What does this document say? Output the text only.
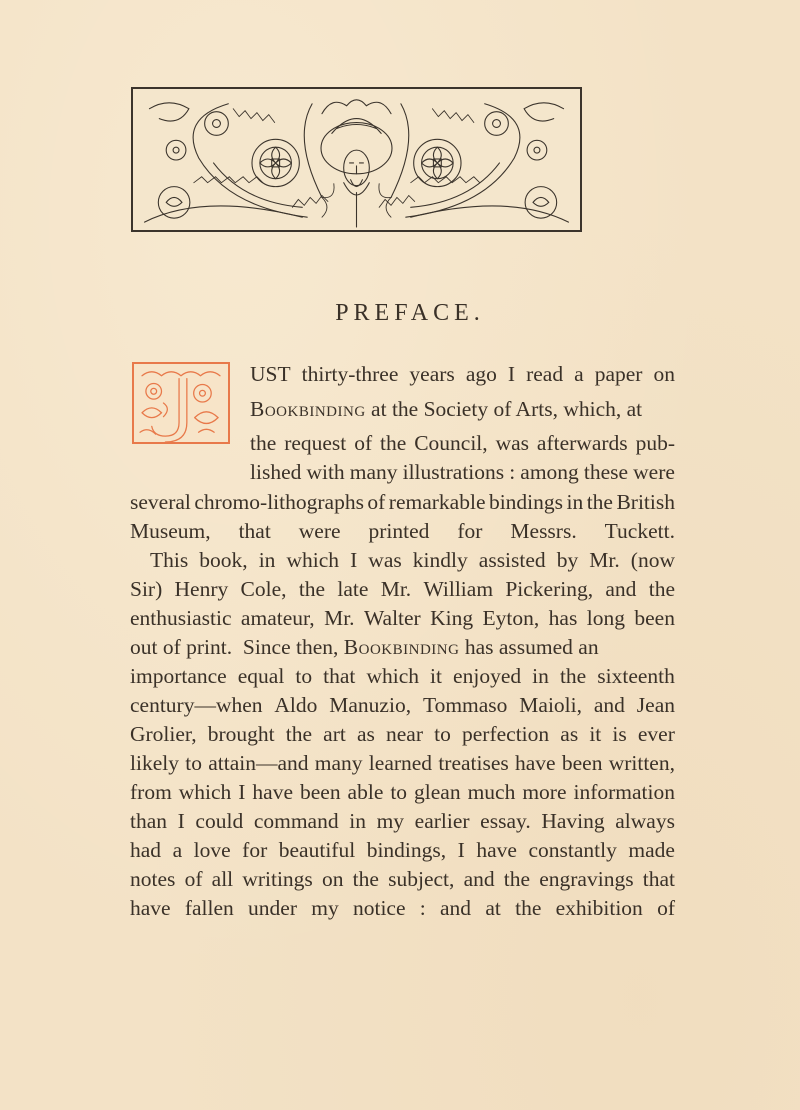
PREFACE.
UST thirty-three years ago I read a paper on
Bookbinding at the Society of Arts, which, at
the request of the Council, was afterwards pub-
lished with many illustrations : among these were
several chromo-lithographs of remarkable bindings in the British
Museum, that were printed for Messrs. Tuckett.
This book, in which I was kindly assisted by Mr. (now
Sir) Henry Cole, the late Mr. William Pickering, and the
enthusiastic amateur, Mr. Walter King Eyton, has long been
out of print.  Since then, Bookbinding has assumed an
importance equal to that which it enjoyed in the sixteenth
century—when Aldo Manuzio, Tommaso Maioli, and Jean
Grolier, brought the art as near to perfection as it is ever
likely to attain—and many learned treatises have been written,
from which I have been able to glean much more information
than I could command in my earlier essay. Having always
had a love for beautiful bindings, I have constantly made
notes of all writings on the subject, and the engravings that
have fallen under my notice : and at the exhibition of
